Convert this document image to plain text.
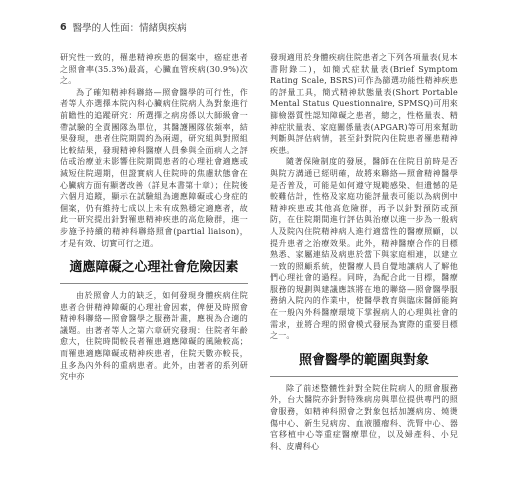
6 醫學的人性面：情緒與疾病

研究性一致的，罹患精神疾患的個案中，癌症患者之照會率(35.3%)最高，心臟血管疾病(30.9%)次之。

為了確知精神科聯絡—照會醫學的可行性，作者等人亦選擇本院內科心臟病住院病人為對象進行前瞻性的追蹤研究：所選擇之病房係以大師級會一帶試驗的全責團隊為單位，其醫護團隊依頻率，結果發現，患者住院期間約為兩週，研究組與對照組比較結果，發現精神科醫療人員參與全面病人之評估或治療並未影響住院期間患者的心理社會適應或減短住院週期，但證實病人住院時的焦慮狀態會在心臟病方面有顯著改善（詳見本書第十章）；住院後六個月追蹤，顯示在試驗組為適應障礙或心身症的個案，仍有維持七成以上未有成熟穩定適應者，故此一研究提出針對罹患精神疾患的高危險群，進一步施予持續的精神科聯絡照會(partial liaison)，才是有效、切實可行之道。

適應障礙之心理社會危險因素

由於照會人力的缺乏，如何發現身體疾病住院患者合併精神障礙的心理社會因素，俾便及時照會精神科聯絡—照會醫學之服務計畫，應視為合適的議題。由著者等人之第六章研究發現：住院者年齡愈大，住院時間較長者罹患適應障礙的風險較高；而罹患適應障礙或精神疾患者，住院天數亦較長，且多為內外科的重病患者。此外，由著者的系列研究中亦

發現適用於身體疾病住院患者之下列各項量表(見本書附錄二)，如簡式症狀量表(Brief Symptom Rating Scale, BSRS)可作為篩選功能性精神疾患的評量工具，簡式精神狀態量表(Short Portable Mental Status Questionnaire, SPMSQ)可用來篩檢器質性認知障礙之患者，總之，性格量表、精神症狀量表、家庭關係量表(APGAR)等可用來幫助判斷與評估病情，甚至針對院內住院患者罹患精神疾患。

隨著保險制度的發展，醫師在住院目前時是否與院方溝通已經明確，故將來聯絡—照會精神醫學是否普及，可能是如何遵守規範感染、但遺憾的是較難估計，性格及家庭功能評量表可能以為病例中精神疾患或其他高危險群，再予以針對預防或預防，在住院期間進行評估與治療以進一步為一般病人及院內住院精神病人進行適當性的醫療照顧，以提升患者之治療效果。此外，精神醫療合作的目標熟悉、家屬連結及病患於當下與家庭相連，以建立一致的照顧系統，使醫療人員自覺地讓病人了解他們心理社會的過程。同時，為配合此一目標，醫療服務的規劃與建議應該將在地的聯絡—照會醫學服務納入院內的作業中，使醫學教育與臨床醫師能夠在一般內外科醫療環境下掌握病人的心理與社會的需求，並將合理的照會模式發展為實際的重要目標之一。

照會醫學的範圍與對象

除了前述整體性針對全院住院病人的照會服務外，台大醫院亦針對特殊病房與單位提供專門的照會服務，如精神科照會之對象包括加護病房、燒燙傷中心、新生兒病房、血液腫瘤科、洗腎中心、器官移植中心等重症醫療單位，以及婦產科、小兒科、皮膚科心
